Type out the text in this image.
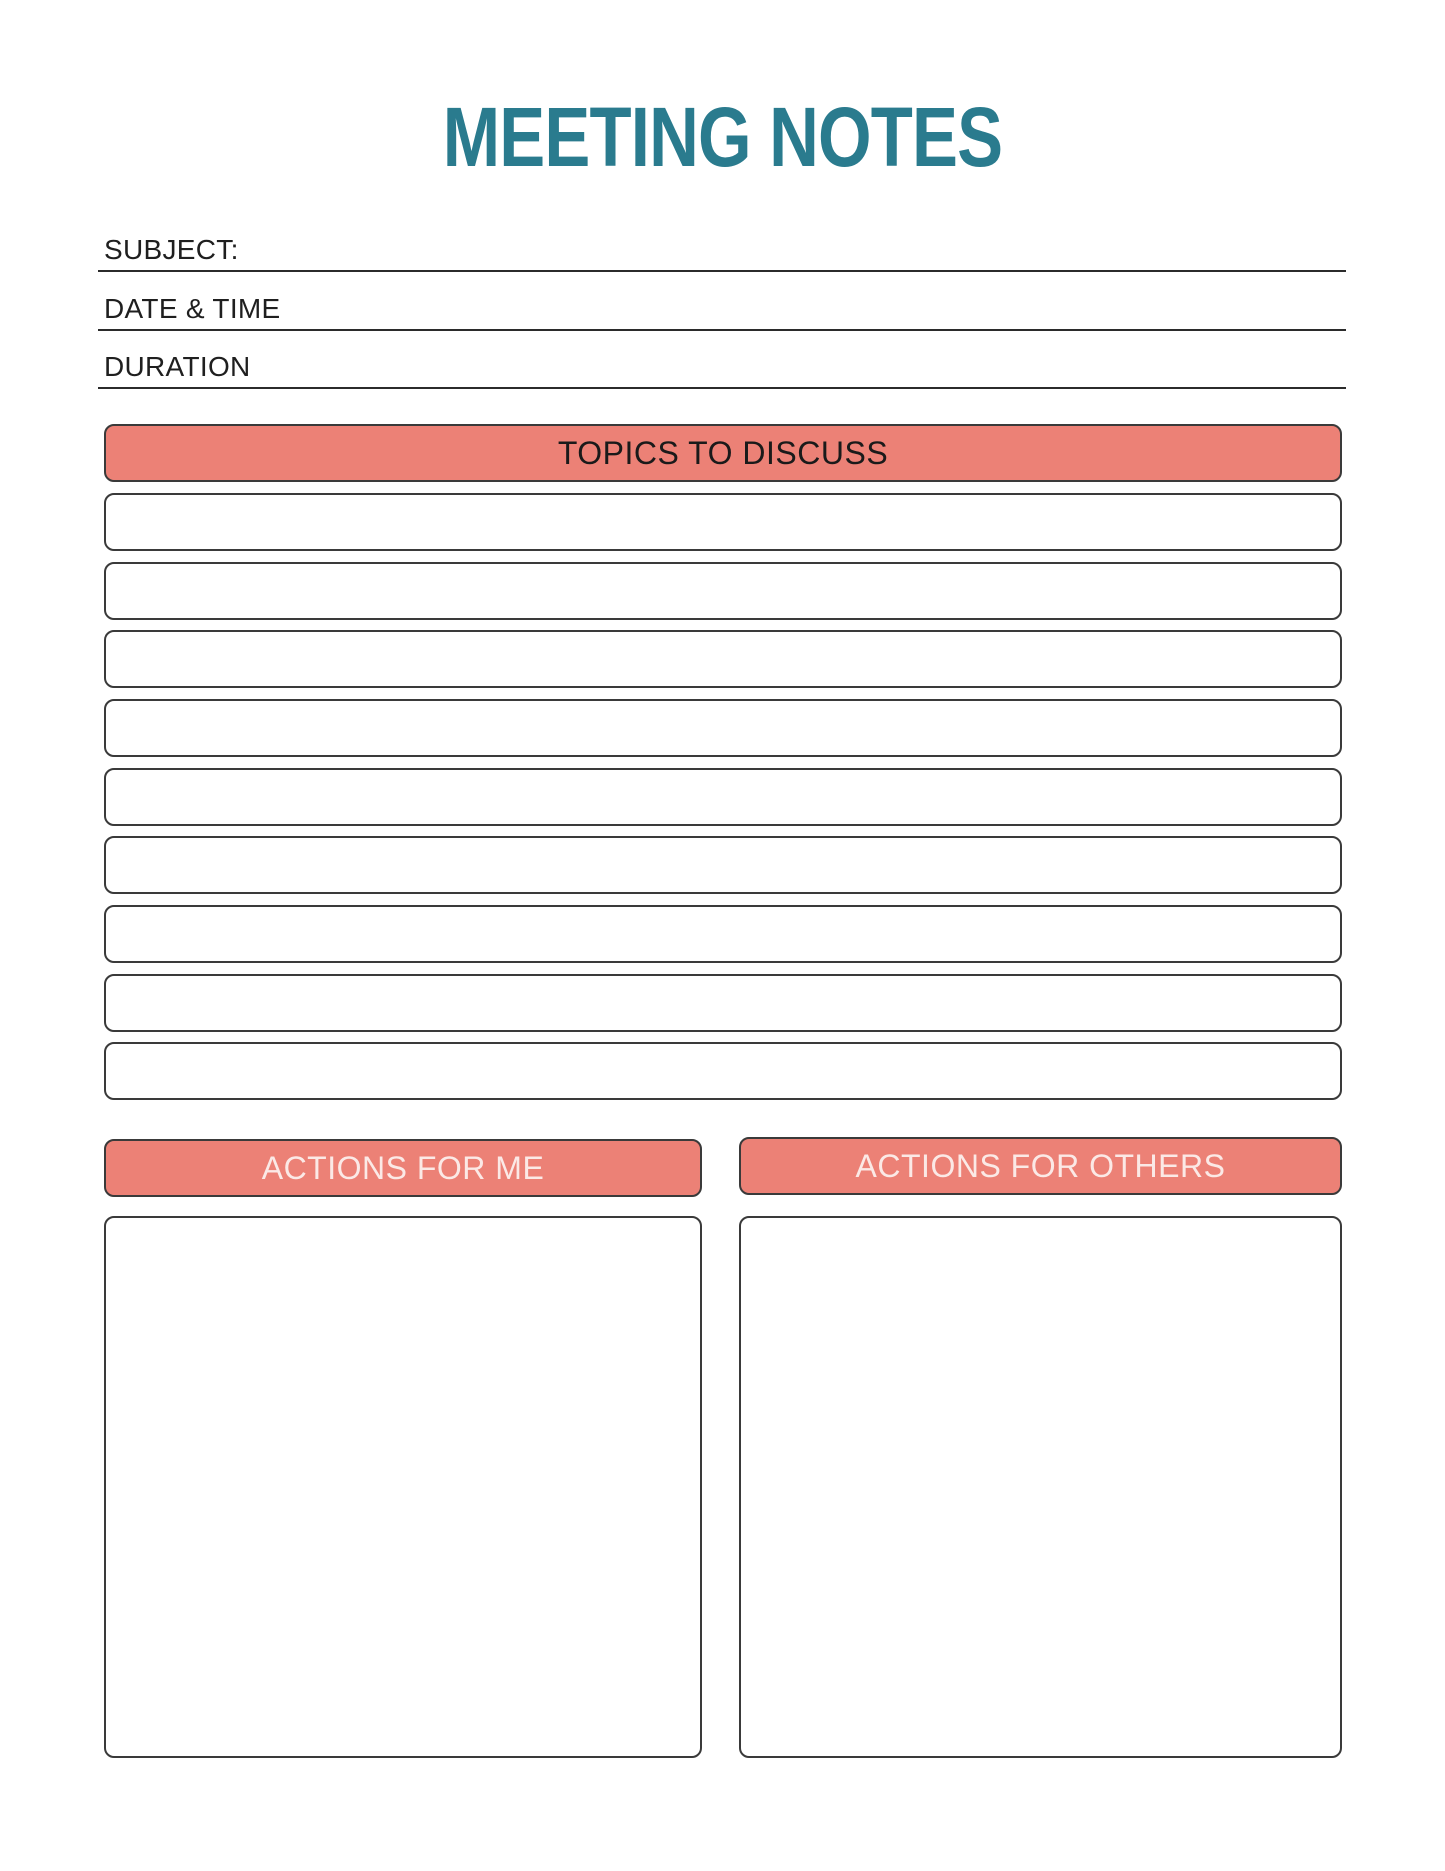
MEETING NOTES
SUBJECT:
DATE & TIME
DURATION
TOPICS TO DISCUSS
ACTIONS FOR ME	ACTIONS FOR OTHERS
